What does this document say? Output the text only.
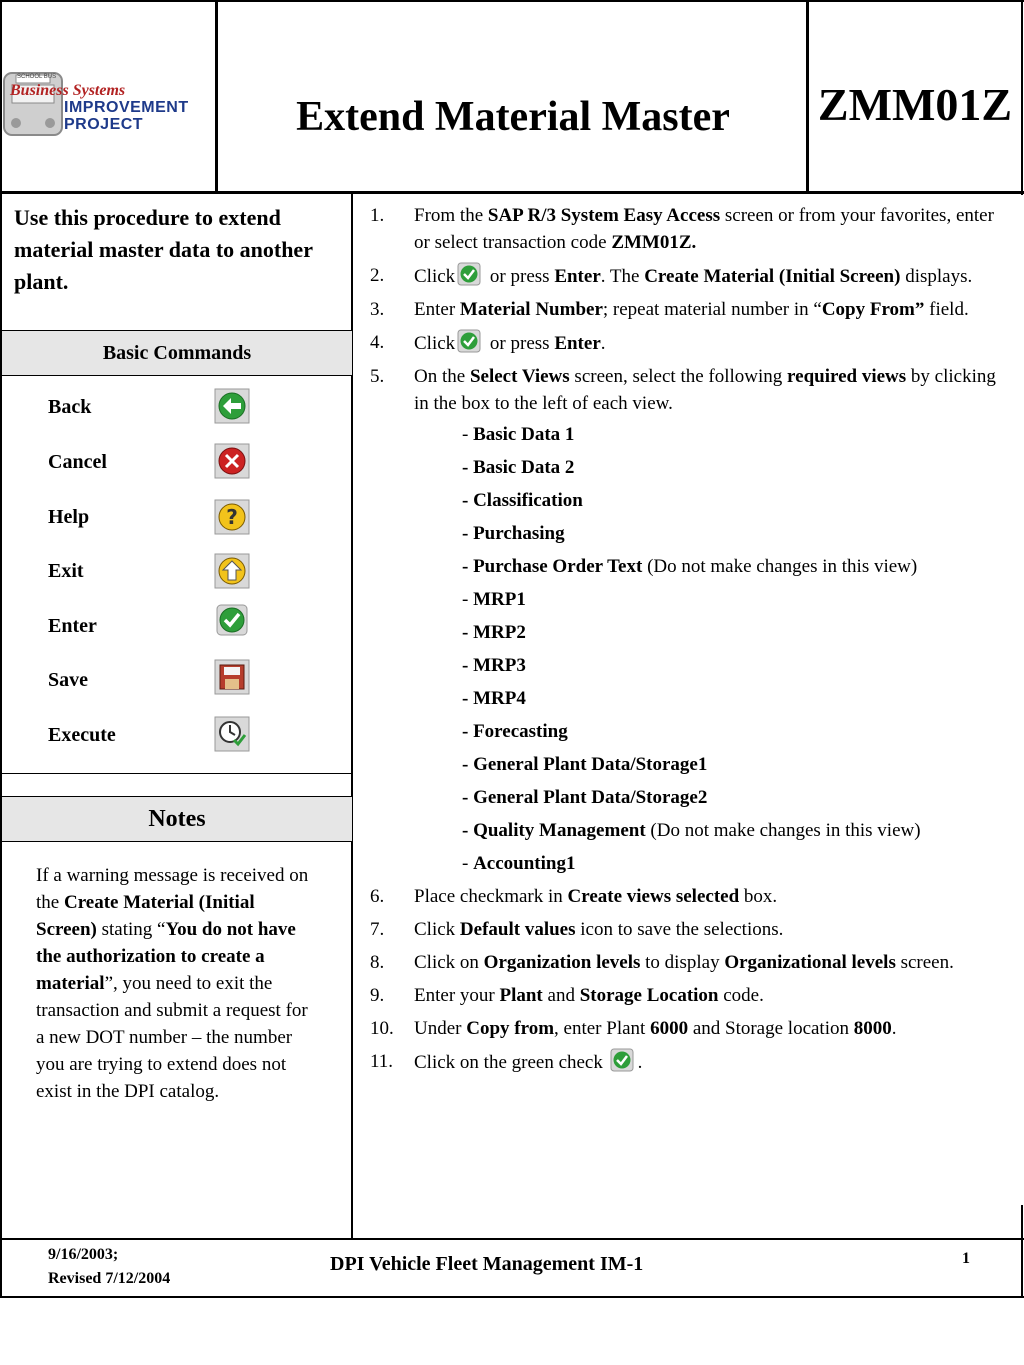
SCHOOL BUS
Business Systems
IMPROVEMENT
PROJECT	Extend Material Master	ZMM01Z
Use this procedure to extend material master data to another plant.
Basic Commands
Back
Cancel
Help	?
Exit
Enter
Save
Execute
Notes
If a warning message is received on the Create Material (Initial Screen) stating “You do not have the authorization to create a material”, you need to exit the transaction and submit a request for a new DOT number – the number you are trying to extend does not exist in the DPI catalog.
1. From the SAP R/3 System Easy Access screen or from your favorites, enter or select transaction code ZMM01Z.
2. Click or press Enter. The Create Material (Initial Screen) displays.
3. Enter Material Number; repeat material number in “Copy From” field.
4. Click or press Enter.
5. On the Select Views screen, select the following required views by clicking in the box to the left of each view.
- Basic Data 1
- Basic Data 2
- Classification
- Purchasing
- Purchase Order Text (Do not make changes in this view)
- MRP1
- MRP2
- MRP3
- MRP4
- Forecasting
- General Plant Data/Storage1
- General Plant Data/Storage2
- Quality Management (Do not make changes in this view)
- Accounting1
6. Place checkmark in Create views selected box.
7. Click Default values icon to save the selections.
8. Click on Organization levels to display Organizational levels screen.
9. Enter your Plant and Storage Location code.
10. Under Copy from, enter Plant 6000 and Storage location 8000.
11. Click on the green check .
9/16/2003;
Revised 7/12/2004
DPI Vehicle Fleet Management IM-1	1
